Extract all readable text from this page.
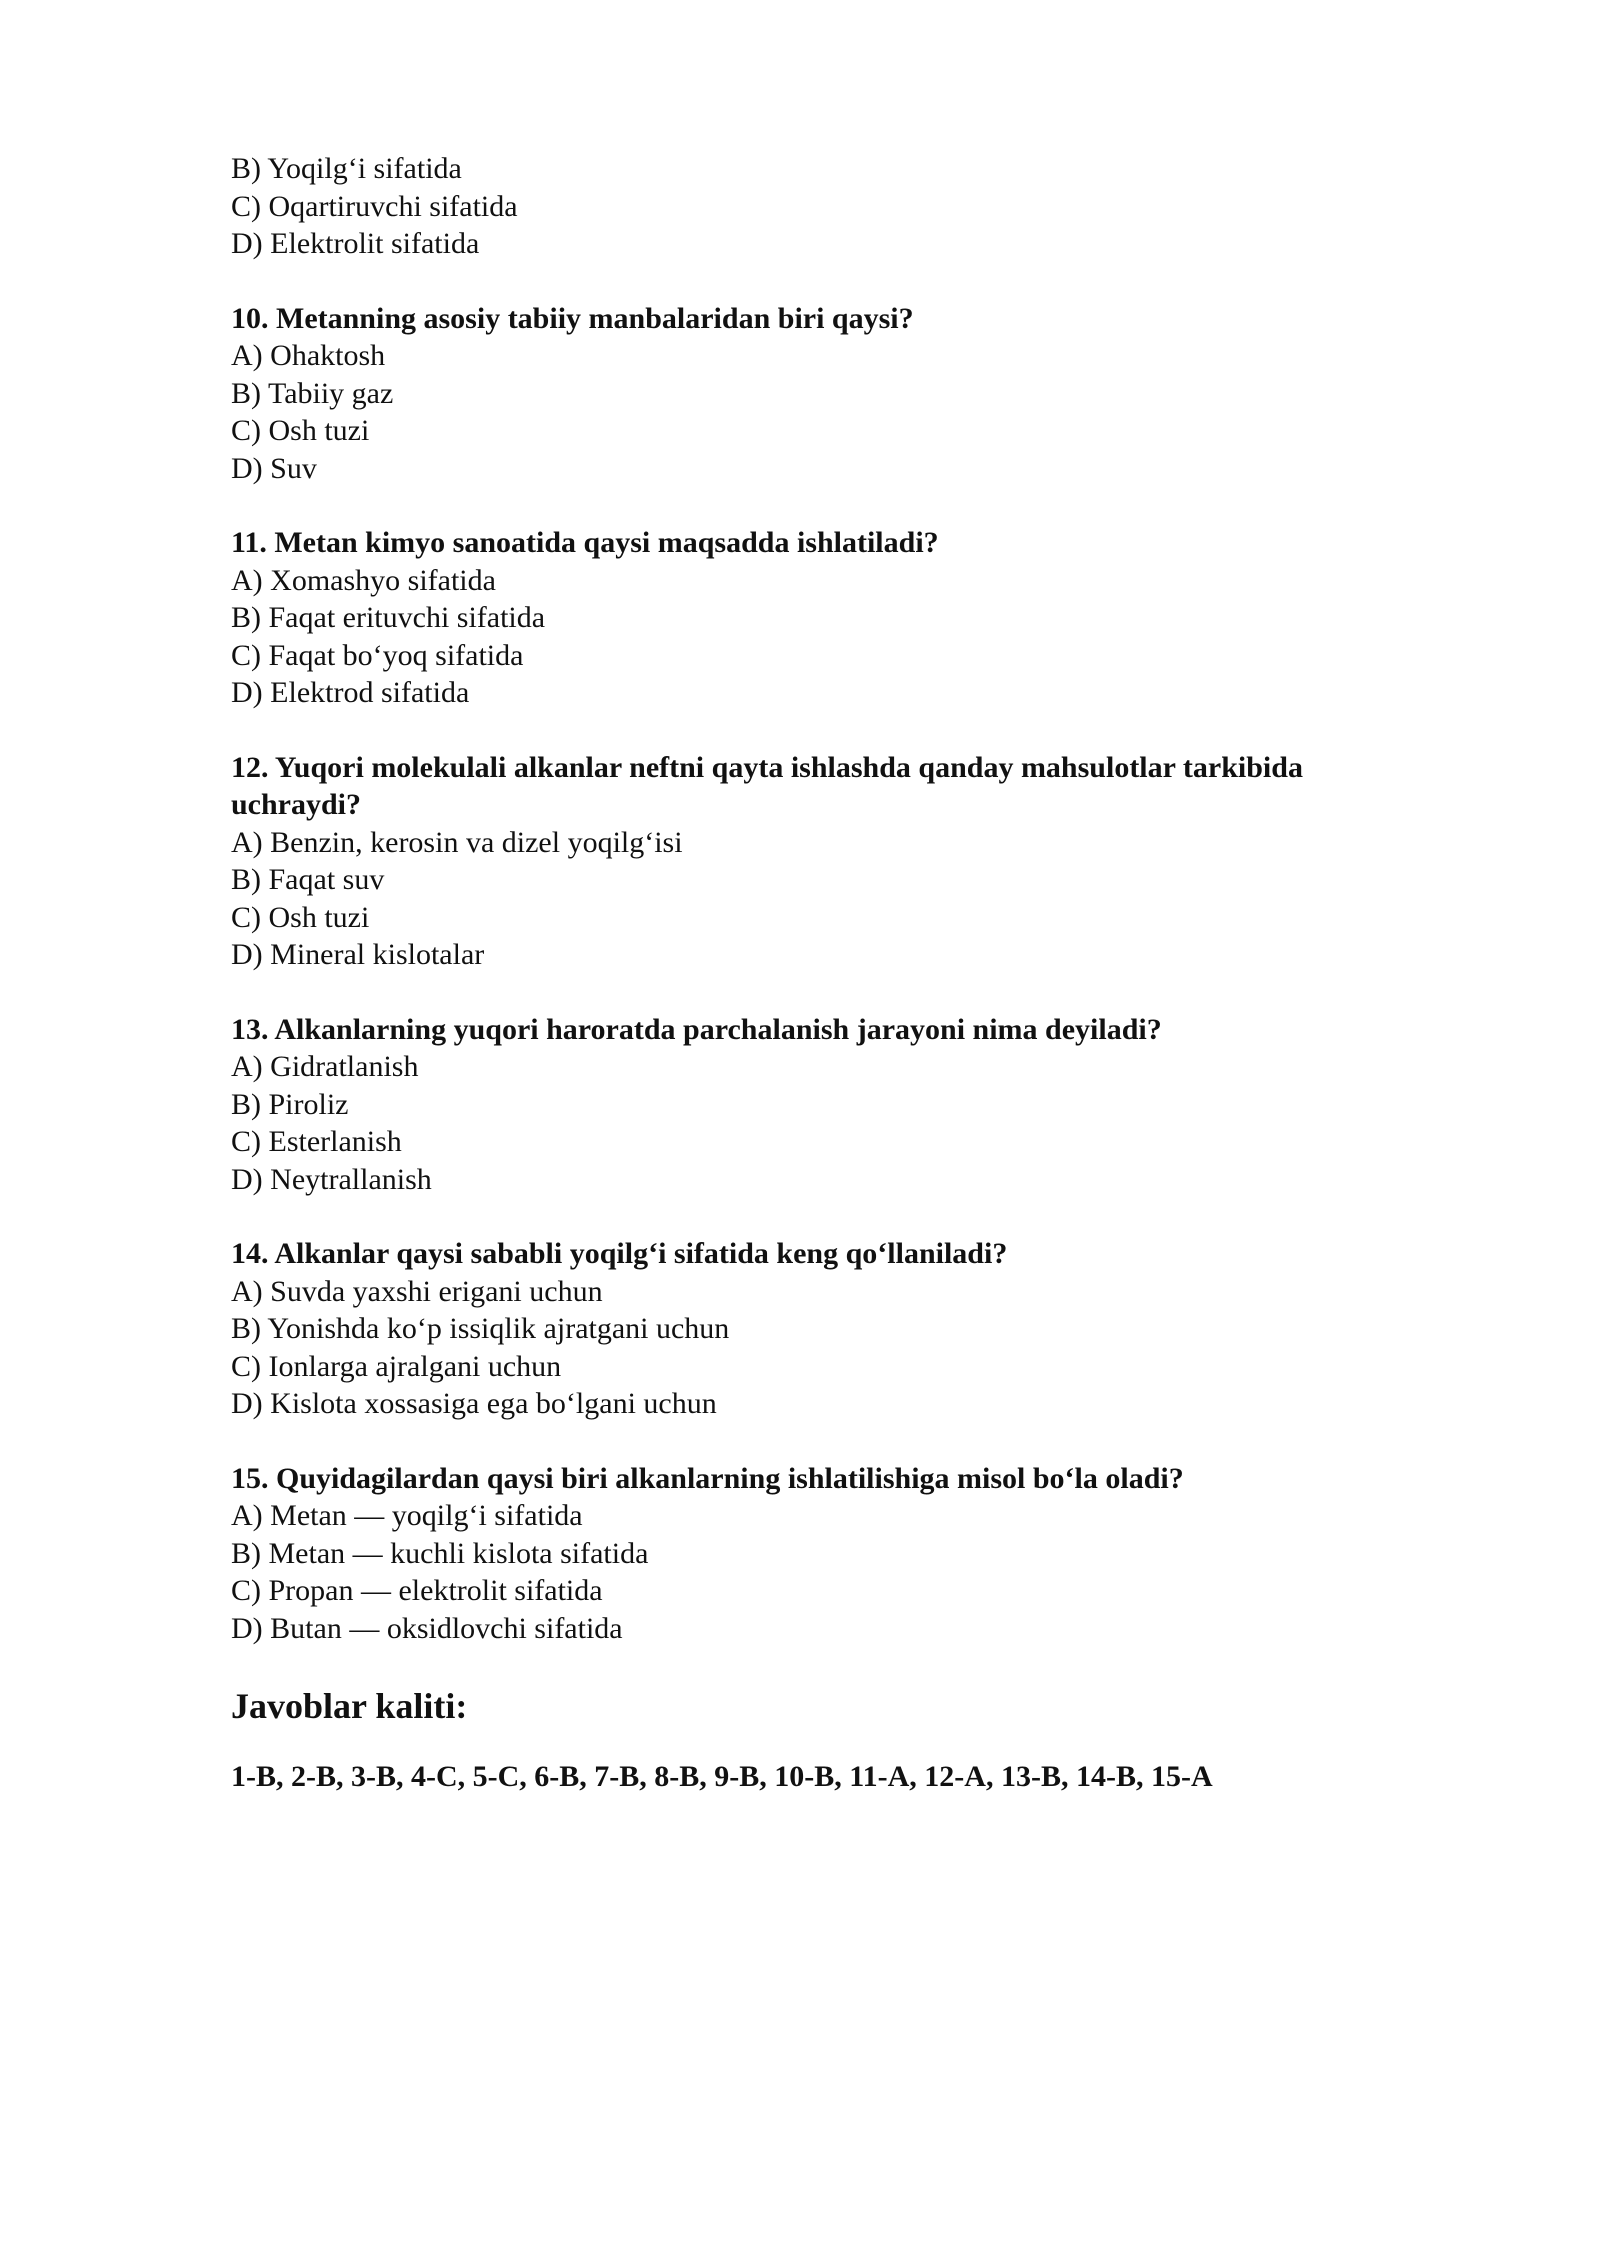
B) Yoqilg‘i sifatida
C) Oqartiruvchi sifatida
D) Elektrolit sifatida
10. Metanning asosiy tabiiy manbalaridan biri qaysi?
A) Ohaktosh
B) Tabiiy gaz
C) Osh tuzi
D) Suv
11. Metan kimyo sanoatida qaysi maqsadda ishlatiladi?
A) Xomashyo sifatida
B) Faqat erituvchi sifatida
C) Faqat bo‘yoq sifatida
D) Elektrod sifatida
12. Yuqori molekulali alkanlar neftni qayta ishlashda qanday mahsulotlar tarkibida uchraydi?
A) Benzin, kerosin va dizel yoqilg‘isi
B) Faqat suv
C) Osh tuzi
D) Mineral kislotalar
13. Alkanlarning yuqori haroratda parchalanish jarayoni nima deyiladi?
A) Gidratlanish
B) Piroliz
C) Esterlanish
D) Neytrallanish
14. Alkanlar qaysi sababli yoqilg‘i sifatida keng qo‘llaniladi?
A) Suvda yaxshi erigani uchun
B) Yonishda ko‘p issiqlik ajratgani uchun
C) Ionlarga ajralgani uchun
D) Kislota xossasiga ega bo‘lgani uchun
15. Quyidagilardan qaysi biri alkanlarning ishlatilishiga misol bo‘la oladi?
A) Metan — yoqilg‘i sifatida
B) Metan — kuchli kislota sifatida
C) Propan — elektrolit sifatida
D) Butan — oksidlovchi sifatida
Javoblar kaliti:
1-B, 2-B, 3-B, 4-C, 5-C, 6-B, 7-B, 8-B, 9-B, 10-B, 11-A, 12-A, 13-B, 14-B, 15-A
